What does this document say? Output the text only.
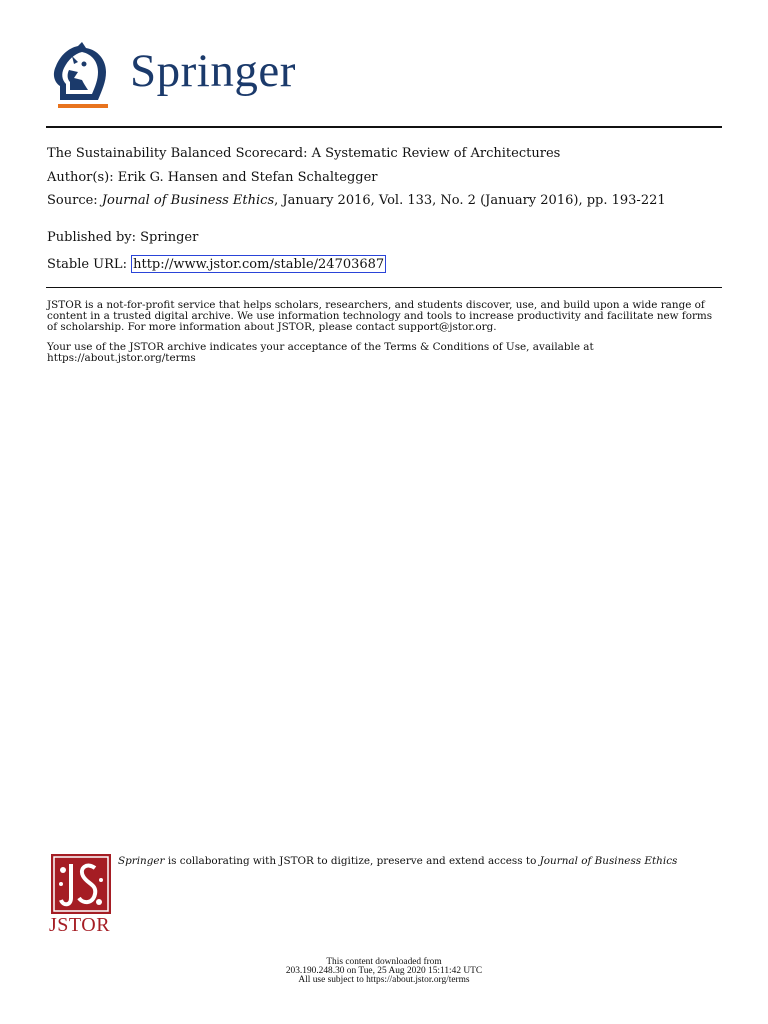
Springer
The Sustainability Balanced Scorecard: A Systematic Review of Architectures
Author(s): Erik G. Hansen and Stefan Schaltegger
Source: Journal of Business Ethics, January 2016, Vol. 133, No. 2 (January 2016), pp. 193-221
Published by: Springer
Stable URL: http://www.jstor.com/stable/24703687
JSTOR is a not-for-profit service that helps scholars, researchers, and students discover, use, and build upon a wide range of content in a trusted digital archive. We use information technology and tools to increase productivity and facilitate new forms of scholarship. For more information about JSTOR, please contact support@jstor.org.
Your use of the JSTOR archive indicates your acceptance of the Terms & Conditions of Use, available at https://about.jstor.org/terms
JSTOR
Springer is collaborating with JSTOR to digitize, preserve and extend access to Journal of Business Ethics
This content downloaded from
203.190.248.30 on Tue, 25 Aug 2020 15:11:42 UTC
All use subject to https://about.jstor.org/terms
